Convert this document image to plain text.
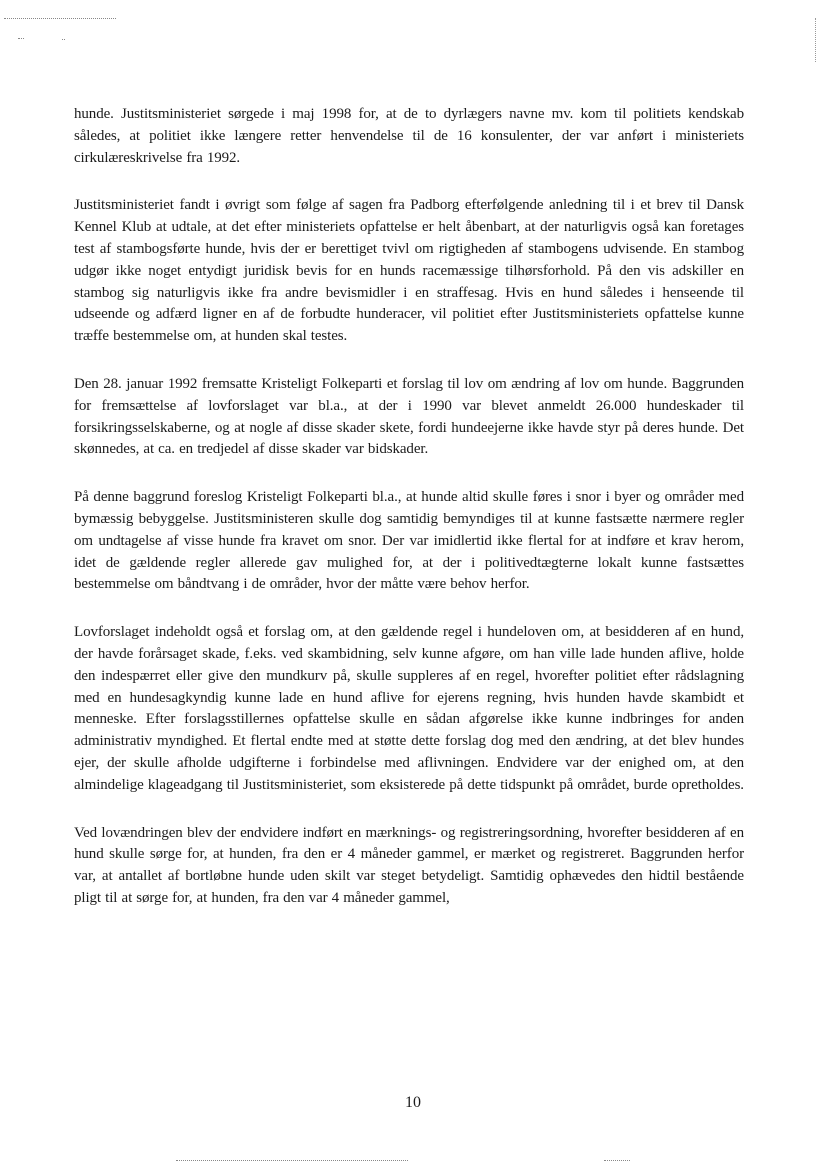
hunde. Justitsministeriet sørgede i maj 1998 for, at de to dyrlægers navne mv. kom til politiets kendskab således, at politiet ikke længere retter henvendelse til de 16 konsulenter, der var anført i ministeriets cirkulæreskrivelse fra 1992.

Justitsministeriet fandt i øvrigt som følge af sagen fra Padborg efterfølgende anledning til i et brev til Dansk Kennel Klub at udtale, at det efter ministeriets opfattelse er helt åbenbart, at der naturligvis også kan foretages test af stambogsførte hunde, hvis der er berettiget tvivl om rigtigheden af stambogens udvisende. En stambog udgør ikke noget entydigt juridisk bevis for en hunds racemæssige tilhørsforhold. På den vis adskiller en stambog sig naturligvis ikke fra andre bevismidler i en straffesag. Hvis en hund således i henseende til udseende og adfærd ligner en af de forbudte hunderacer, vil politiet efter Justitsministeriets opfattelse kunne træffe bestemmelse om, at hunden skal testes.

Den 28. januar 1992 fremsatte Kristeligt Folkeparti et forslag til lov om ændring af lov om hunde. Baggrunden for fremsættelse af lovforslaget var bl.a., at der i 1990 var blevet anmeldt 26.000 hundeskader til forsikringsselskaberne, og at nogle af disse skader skete, fordi hundeejerne ikke havde styr på deres hunde. Det skønnedes, at ca. en tredjedel af disse skader var bidskader.

På denne baggrund foreslog Kristeligt Folkeparti bl.a., at hunde altid skulle føres i snor i byer og områder med bymæssig bebyggelse. Justitsministeren skulle dog samtidig bemyndiges til at kunne fastsætte nærmere regler om undtagelse af visse hunde fra kravet om snor. Der var imidlertid ikke flertal for at indføre et krav herom, idet de gældende regler allerede gav mulighed for, at der i politivedtægterne lokalt kunne fastsættes bestemmelse om båndtvang i de områder, hvor der måtte være behov herfor.

Lovforslaget indeholdt også et forslag om, at den gældende regel i hundeloven om, at besidderen af en hund, der havde forårsaget skade, f.eks. ved skambidning, selv kunne afgøre, om han ville lade hunden aflive, holde den indespærret eller give den mundkurv på, skulle suppleres af en regel, hvorefter politiet efter rådslagning med en hundesagkyndig kunne lade en hund aflive for ejerens regning, hvis hunden havde skambidt et menneske. Efter forslagsstillernes opfattelse skulle en sådan afgørelse ikke kunne indbringes for anden administrativ myndighed. Et flertal endte med at støtte dette forslag dog med den ændring, at det blev hundes ejer, der skulle afholde udgifterne i forbindelse med aflivningen. Endvidere var der enighed om, at den almindelige klageadgang til Justitsministeriet, som eksisterede på dette tidspunkt på området, burde opretholdes.

Ved lovændringen blev der endvidere indført en mærknings- og registreringsordning, hvorefter besidderen af en hund skulle sørge for, at hunden, fra den er 4 måneder gammel, er mærket og registreret. Baggrunden herfor var, at antallet af bortløbne hunde uden skilt var steget betydeligt. Samtidig ophævedes den hidtil bestående pligt til at sørge for, at hunden, fra den var 4 måneder gammel,

10
